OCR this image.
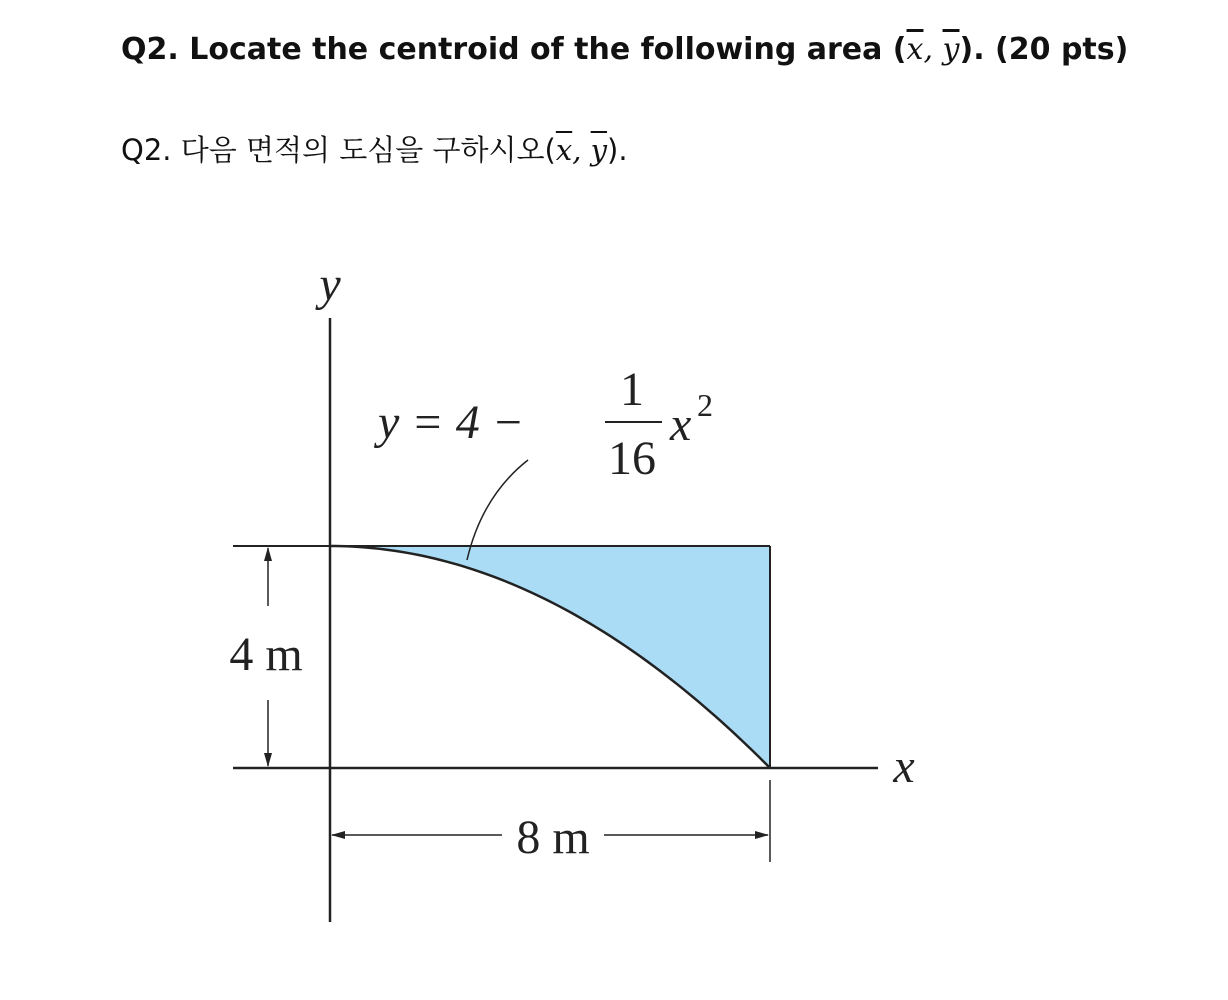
Q2. Locate the centroid of the following area ($\overline{x}$, $\overline{y}$). (20 pts)
Q2. 다음 면적의 도심을 구하시오($\overline{x}$, $\overline{y}$).
4 m
8 m
y
x
y = 4 −
1
16
x 2
